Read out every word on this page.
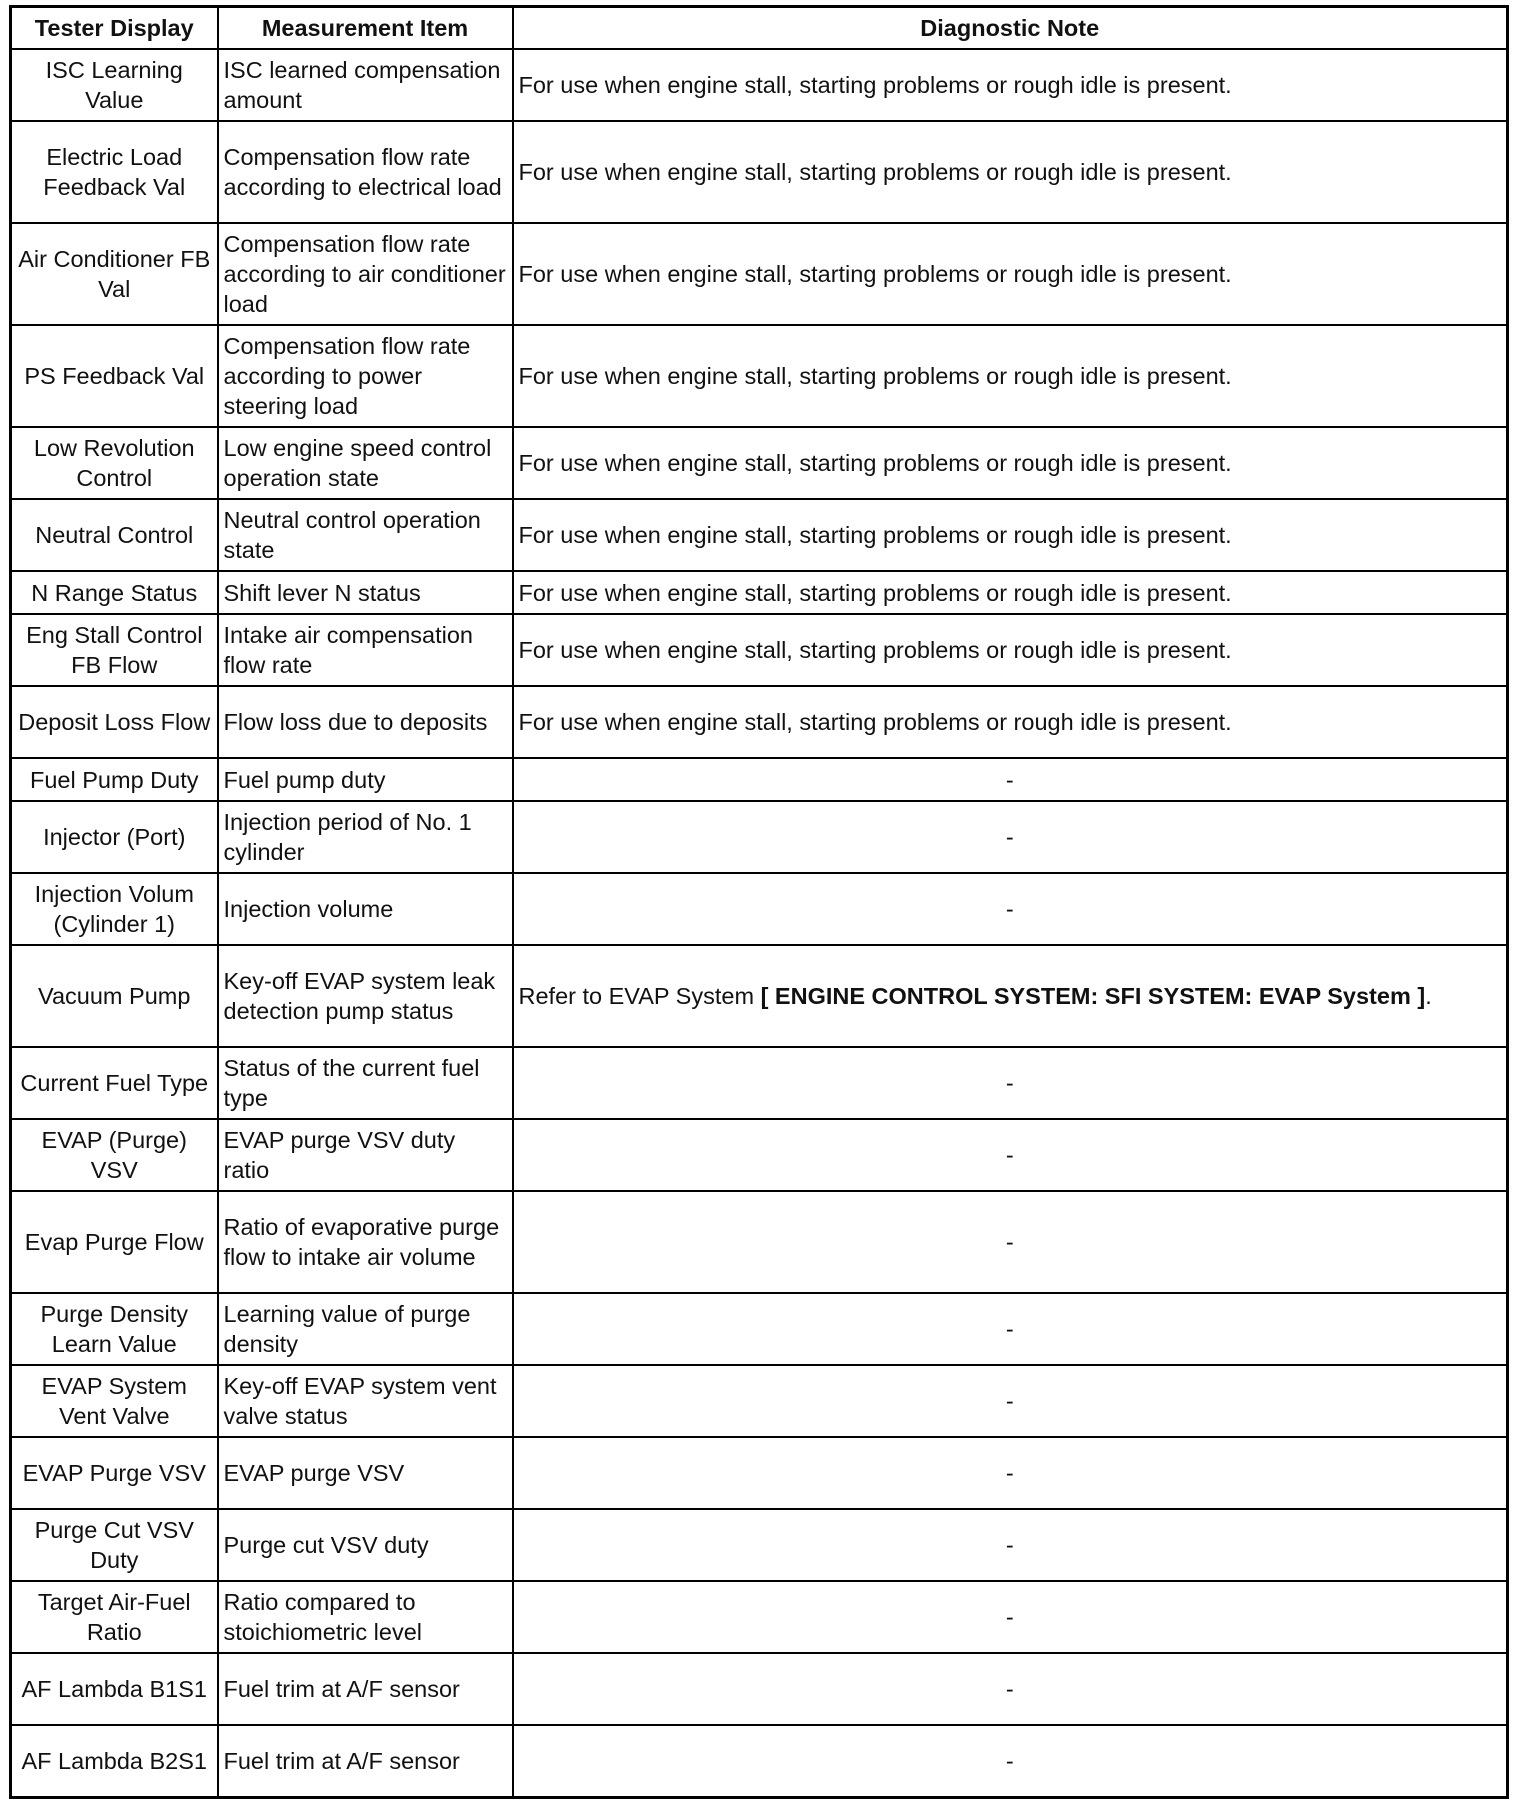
Tester Display	Measurement Item	Diagnostic Note
ISC Learning Value	ISC learned compensation amount	For use when engine stall, starting problems or rough idle is present.
Electric Load Feedback Val	Compensation flow rate according to electrical load	For use when engine stall, starting problems or rough idle is present.
Air Conditioner FB Val	Compensation flow rate according to air conditioner load	For use when engine stall, starting problems or rough idle is present.
PS Feedback Val	Compensation flow rate according to power steering load	For use when engine stall, starting problems or rough idle is present.
Low Revolution Control	Low engine speed control operation state	For use when engine stall, starting problems or rough idle is present.
Neutral Control	Neutral control operation state	For use when engine stall, starting problems or rough idle is present.
N Range Status	Shift lever N status	For use when engine stall, starting problems or rough idle is present.
Eng Stall Control FB Flow	Intake air compensation flow rate	For use when engine stall, starting problems or rough idle is present.
Deposit Loss Flow	Flow loss due to deposits	For use when engine stall, starting problems or rough idle is present.
Fuel Pump Duty	Fuel pump duty	-
Injector (Port)	Injection period of No. 1 cylinder	-
Injection Volum (Cylinder 1)	Injection volume	-
Vacuum Pump	Key-off EVAP system leak detection pump status	Refer to EVAP System [ ENGINE CONTROL SYSTEM: SFI SYSTEM: EVAP System ].
Current Fuel Type	Status of the current fuel type	-
EVAP (Purge) VSV	EVAP purge VSV duty ratio	-
Evap Purge Flow	Ratio of evaporative purge flow to intake air volume	-
Purge Density Learn Value	Learning value of purge density	-
EVAP System Vent Valve	Key-off EVAP system vent valve status	-
EVAP Purge VSV	EVAP purge VSV	-
Purge Cut VSV Duty	Purge cut VSV duty	-
Target Air-Fuel Ratio	Ratio compared to stoichiometric level	-
AF Lambda B1S1	Fuel trim at A/F sensor	-
AF Lambda B2S1	Fuel trim at A/F sensor	-
